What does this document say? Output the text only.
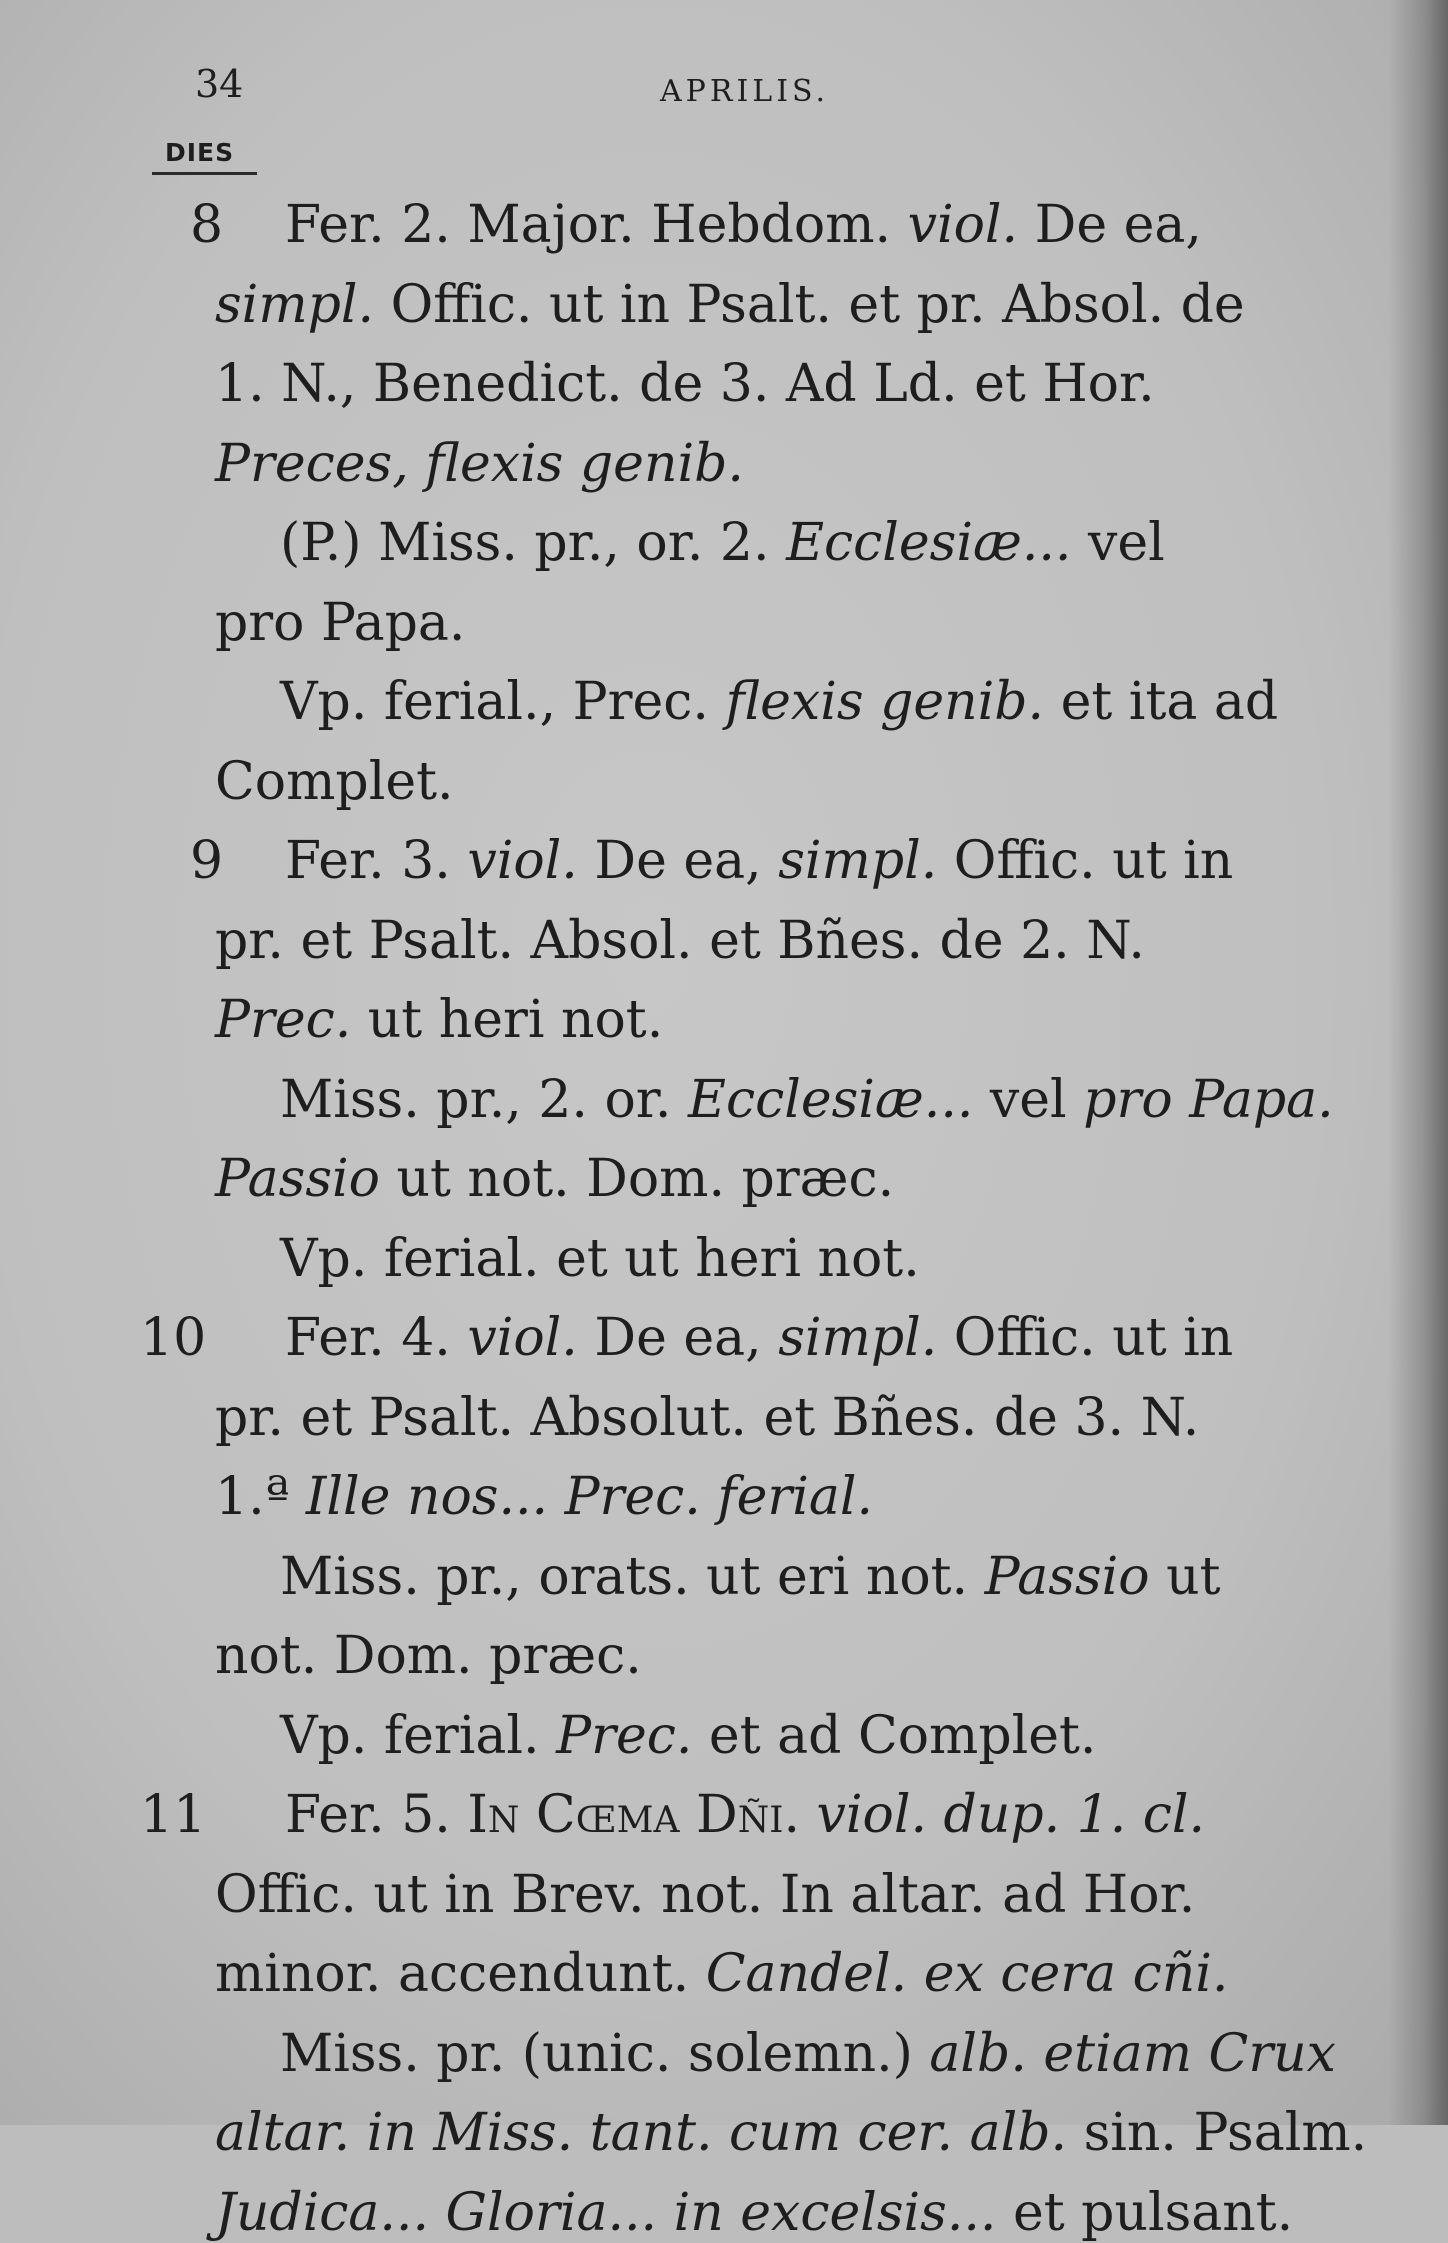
34	APRILIS.
DIES
8 Fer. 2. Major. Hebdom. viol. De ea,
simpl. Offic. ut in Psalt. et pr. Absol. de
1. N., Benedict. de 3. Ad Ld. et Hor.
Preces, flexis genib.
(P.) Miss. pr., or. 2. Ecclesiæ... vel
pro Papa.
Vp. ferial., Prec. flexis genib. et ita ad
Complet.
9 Fer. 3. viol. De ea, simpl. Offic. ut in
pr. et Psalt. Absol. et Bñes. de 2. N.
Prec. ut heri not.
Miss. pr., 2. or. Ecclesiæ... vel pro Papa.
Passio ut not. Dom. præc.
Vp. ferial. et ut heri not.
10 Fer. 4. viol. De ea, simpl. Offic. ut in
pr. et Psalt. Absolut. et Bñes. de 3. N.
1.ª Ille nos... Prec. ferial.
Miss. pr., orats. ut eri not. Passio ut
not. Dom. præc.
Vp. ferial. Prec. et ad Complet.
11 Fer. 5. In Cœma Dñi. viol. dup. 1. cl.
Offic. ut in Brev. not. In altar. ad Hor.
minor. accendunt. Candel. ex cera cñi.
Miss. pr. (unic. solemn.) alb. etiam Crux
altar. in Miss. tant. cum cer. alb. sin. Psalm.
Judica... Gloria... in excelsis... et pulsant.
